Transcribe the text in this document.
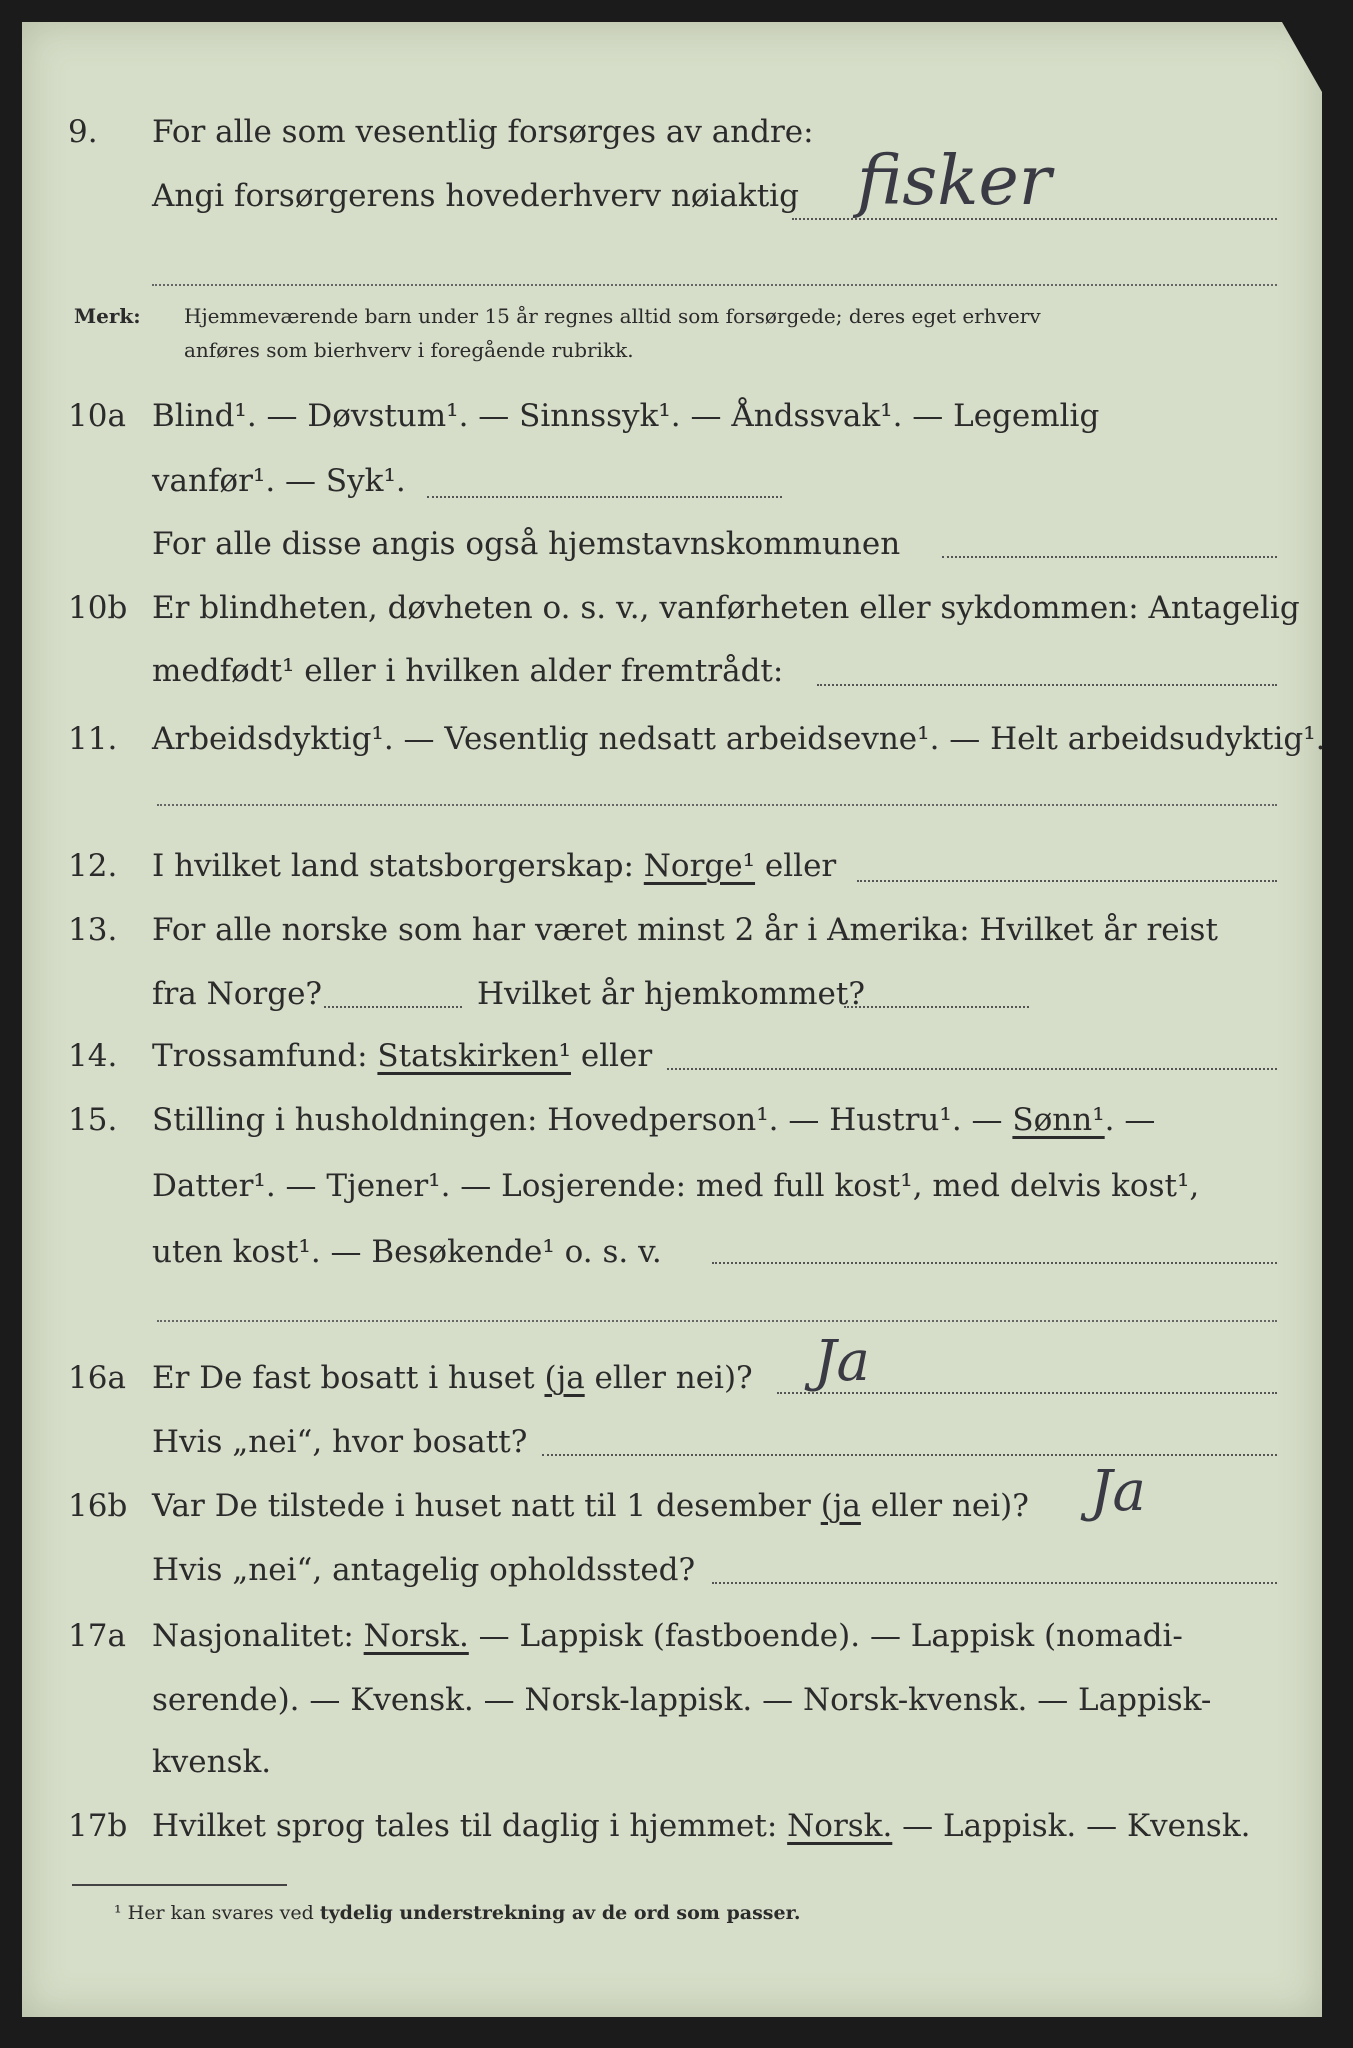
9. For alle som vesentlig forsørges av andre:
Angi forsørgerens hovederhverv nøiaktig fisker
Merk: Hjemmeværende barn under 15 år regnes alltid som forsørgede; deres eget erhverv
anføres som bierhverv i foregående rubrikk.
10a Blind¹. — Døvstum¹. — Sinnssyk¹. — Åndssvak¹. — Legemlig
vanfør¹. — Syk¹.
For alle disse angis også hjemstavnskommunen
10b Er blindheten, døvheten o. s. v., vanførheten eller sykdommen: Antagelig
medfødt¹ eller i hvilken alder fremtrådt:
11. Arbeidsdyktig¹. — Vesentlig nedsatt arbeidsevne¹. — Helt arbeidsudyktig¹.
12. I hvilket land statsborgerskap: Norge¹ eller
13. For alle norske som har været minst 2 år i Amerika: Hvilket år reist
fra Norge?	Hvilket år hjemkommet?
14. Trossamfund: Statskirken¹ eller
15. Stilling i husholdningen: Hovedperson¹. — Hustru¹. — Sønn¹. —
Datter¹. — Tjener¹. — Losjerende: med full kost¹, med delvis kost¹,
uten kost¹. — Besøkende¹ o. s. v.
16a Er De fast bosatt i huset (ja eller nei)? Ja
Hvis „nei“, hvor bosatt?
16b Var De tilstede i huset natt til 1 desember (ja eller nei)? Ja
Hvis „nei“, antagelig opholdssted?
17a Nasjonalitet: Norsk. — Lappisk (fastboende). — Lappisk (nomadi-
serende). — Kvensk. — Norsk-lappisk. — Norsk-kvensk. — Lappisk-
kvensk.
17b Hvilket sprog tales til daglig i hjemmet: Norsk. — Lappisk. — Kvensk.
¹ Her kan svares ved tydelig understrekning av de ord som passer.
